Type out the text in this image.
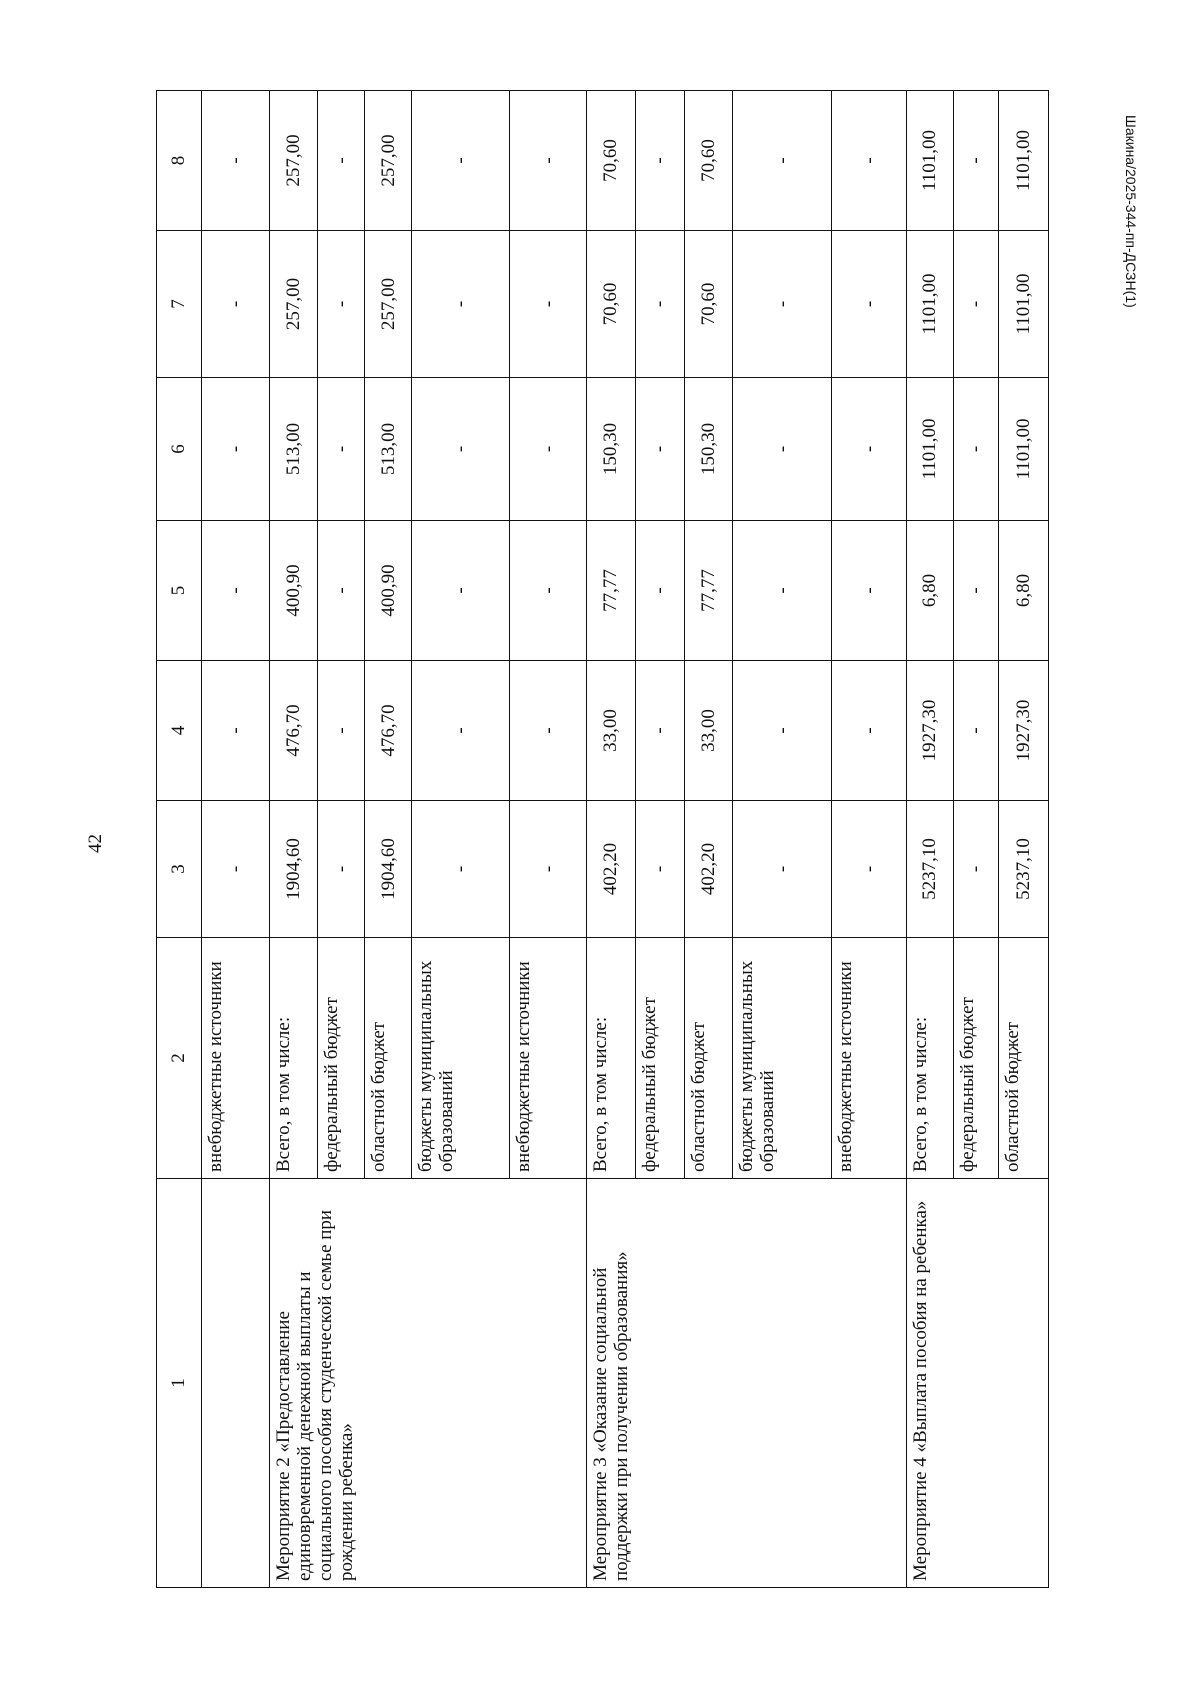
42
Шакина/2025-344-пп-ДСЗН(1)
1	2	3	4	5	6	7	8
	внебюджетные источники	-	-	-	-	-	-
Мероприятие 2 «Предоставление единовременной денежной выплаты и социального пособия студенческой семье при рождении ребенка»	Всего, в том числе:	1904,60	476,70	400,90	513,00	257,00	257,00
	федеральный бюджет	-	-	-	-	-	-
	областной бюджет	1904,60	476,70	400,90	513,00	257,00	257,00
	бюджеты муниципальных образований	-	-	-	-	-	-
	внебюджетные источники	-	-	-	-	-	-
Мероприятие 3 «Оказание социальной поддержки при получении образования»	Всего, в том числе:	402,20	33,00	77,77	150,30	70,60	70,60
	федеральный бюджет	-	-	-	-	-	-
	областной бюджет	402,20	33,00	77,77	150,30	70,60	70,60
	бюджеты муниципальных образований	-	-	-	-	-	-
	внебюджетные источники	-	-	-	-	-	-
Мероприятие 4 «Выплата пособия на ребенка»	Всего, в том числе:	5237,10	1927,30	6,80	1101,00	1101,00	1101,00
	федеральный бюджет	-	-	-	-	-	-
	областной бюджет	5237,10	1927,30	6,80	1101,00	1101,00	1101,00
